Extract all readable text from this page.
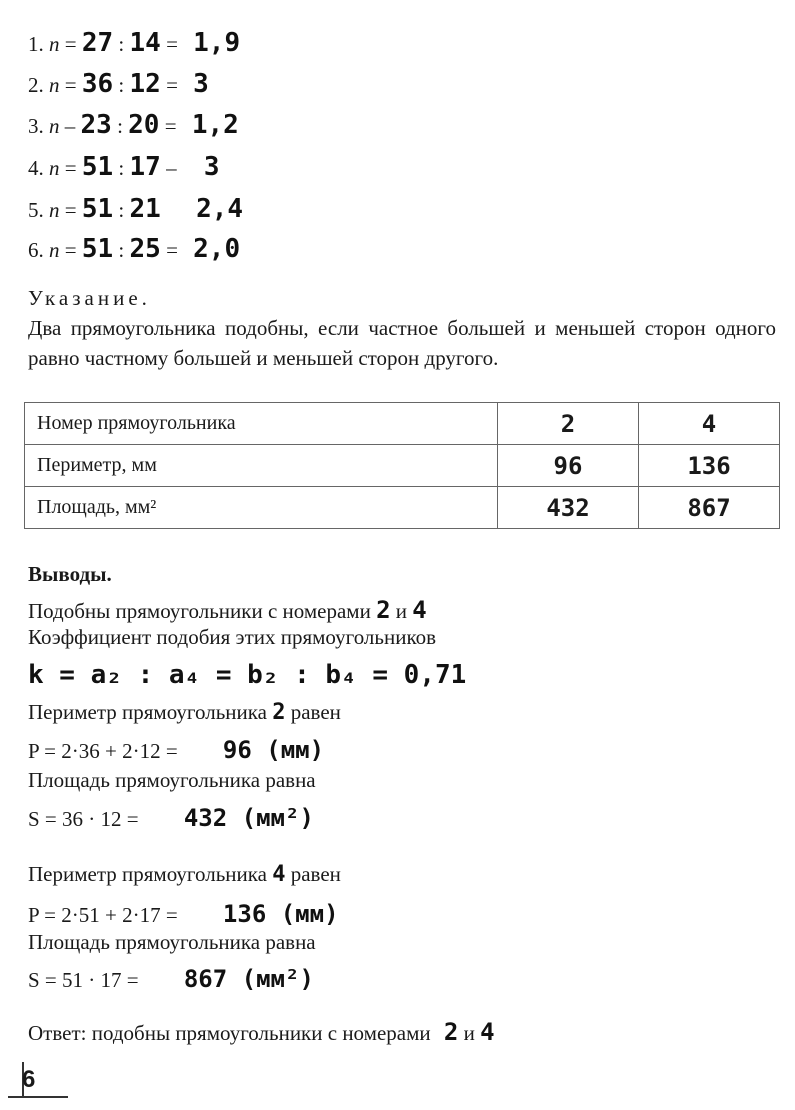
1. n = 27 : 14 = 1,9
2. n = 36 : 12 = 3
3. n – 23 : 20 = 1,2
4. n = 51 : 17 – 3
5. n = 51 : 21 2,4
6. n = 51 : 25 = 2,0
Указание.
Два прямоугольника подобны, если частное большей и меньшей сторон одного равно частному большей и меньшей сторон другого.
Номер прямоугольника	2	4
Периметр, мм	96	136
Площадь, мм²	432	867
Выводы.
Подобны прямоугольники с номерами 2 и 4
Коэффициент подобия этих прямоугольников
k = a₂ : a₄ = b₂ : b₄ = 0,71
Периметр прямоугольника 2 равен
P = 2·36 + 2·12 = 96 (мм)
Площадь прямоугольника равна
S = 36 · 12 = 432 (мм²)
Периметр прямоугольника 4 равен
P = 2·51 + 2·17 = 136 (мм)
Площадь прямоугольника равна
S = 51 · 17 = 867 (мм²)
Ответ: подобны прямоугольники с номерами 2 и 4
6
